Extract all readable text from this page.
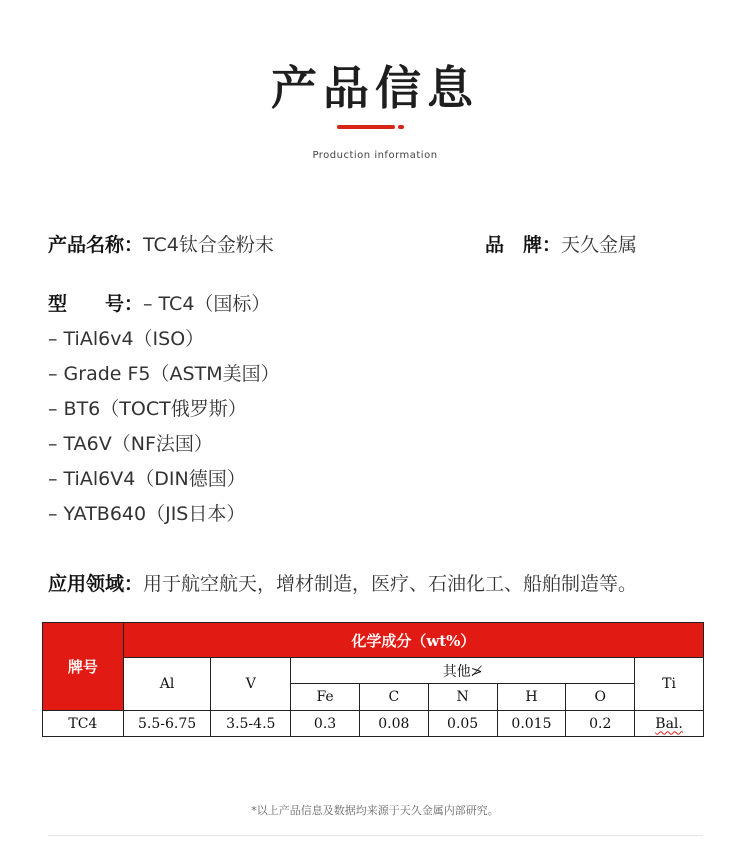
产品信息
Production information
产品名称：TC4钛合金粉末	品　牌：天久金属
型　　号：– TC4（国标）
– TiAl6v4（ISO）
– Grade F5（ASTM美国）
– BT6（TOCT俄罗斯）
– TA6V（NF法国）
– TiAl6V4（DIN德国）
– YATB640（JIS日本）
应用领域：用于航空航天，增材制造，医疗、石油化工、船舶制造等。
牌号	化学成分（wt%）							
	Al	V	其他≯					Ti
			Fe	C	N	H	O	
TC4	5.5-6.75	3.5-4.5	0.3	0.08	0.05	0.015	0.2	Bal.
*以上产品信息及数据均来源于天久金属内部研究。
